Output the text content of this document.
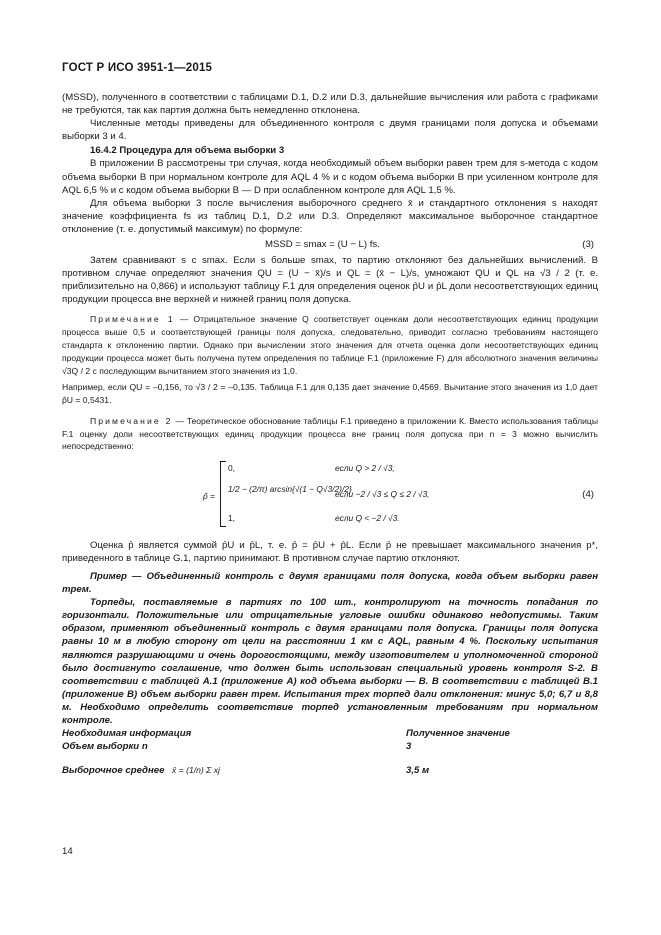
ГОСТ Р ИСО 3951-1—2015

(MSSD), полученного в соответствии с таблицами D.1, D.2 или D.3, дальнейшие вычисления или работа с графиками не требуются, так как партия должна быть немедленно отклонена.

Численные методы приведены для объединенного контроля с двумя границами поля допуска и объемами выборки 3 и 4.

16.4.2 Процедура для объема выборки 3

В приложении В рассмотрены три случая, когда необходимый объем выборки равен трем для s-метода с кодом объема выборки В при нормальном контроле для AQL 4 % и с кодом объема выборки В при усиленном контроле для AQL 6,5 % и с кодом объема выборки В — D при ослабленном контроле для AQL 1,5 %.

Для объема выборки 3 после вычисления выборочного среднего x̄ и стандартного отклонения s находят значение коэффициента fs из таблиц D.1, D.2 или D.3. Определяют максимальное выборочное стандартное отклонение (т. е. допустимый максимум) по формуле:

MSSD = smax = (U − L) fs.	(3)

Затем сравнивают s с smax. Если s больше smax, то партию отклоняют без дальнейших вычислений. В противном случае определяют значения QU = (U − x̄)/s и QL = (x̄ − L)/s, умножают QU и QL на √3 / 2 (т. е. приблизительно на 0,866) и используют таблицу F.1 для определения оценок p̂U и p̂L доли несоответствующих единиц продукции процесса вне верхней и нижней границ поля допуска.

Примечание 1 — Отрицательное значение Q соответствует оценкам доли несоответствующих единиц продукции процесса выше 0,5 и соответствующей границы поля допуска, следовательно, приводит согласно требованиям настоящего стандарта к отклонению партии. Однако при вычислении этого значения для отчета оценка доли несоответствующих единиц продукции процесса может быть получена путем определения по таблице F.1 (приложение F) для абсолютного значения величины √3Q / 2 с последующим вычитанием этого значения из 1,0.

Например, если QU = –0,156, то √3 / 2 = –0,135. Таблица F.1 для 0,135 дает значение 0,4569. Вычитание этого значения из 1,0 дает p̂U = 0,5431.

Примечание 2 — Теоретическое обоснование таблицы F.1 приведено в приложении К. Вместо использования таблицы F.1 оценку доли несоответствующих единиц продукции процесса вне границ поля допуска при n = 3 можно вычислить непосредственно:

p̂ =
0,
1/2 − (2/π) arcsin{√(1 − Q√3/2)/2}
1,
если Q > 2 / √3,
если −2 / √3 ≤ Q ≤ 2 / √3,
если Q < −2 / √3.
(4)

Оценка p̂ является суммой p̂U и p̂L, т. е. p̂ = p̂U + p̂L. Если p̂ не превышает максимального значения p*, приведенного в таблице G.1, партию принимают. В противном случае партию отклоняют.

Пример — Объединенный контроль с двумя границами поля допуска, когда объем выборки равен трем.

Торпеды, поставляемые в партиях по 100 шт., контролируют на точность попадания по горизонтали. Положительные или отрицательные угловые ошибки одинаково недопустимы. Таким образом, применяют объединенный контроль с двумя границами поля допуска. Границы поля допуска равны 10 м в любую сторону от цели на расстоянии 1 км с AQL, равным 4 %. Поскольку испытания являются разрушающими и очень дорогостоящими, между изготовителем и уполномоченной стороной было достигнуто соглашение, что должен быть использован специальный уровень контроля S-2. В соответствии с таблицей А.1 (приложение А) код объема выборки — В. В соответствии с таблицей В.1 (приложение В) объем выборки равен трем. Испытания трех торпед дали отклонения: минус 5,0; 6,7 и 8,8 м. Необходимо определить соответствие торпед установленным требованиям при нормальном контроле.

Необходимая информация	Полученное значение
Объем выборки n	3
Выборочное среднее x̄ = (1/n) Σ xj	3,5 м
14
